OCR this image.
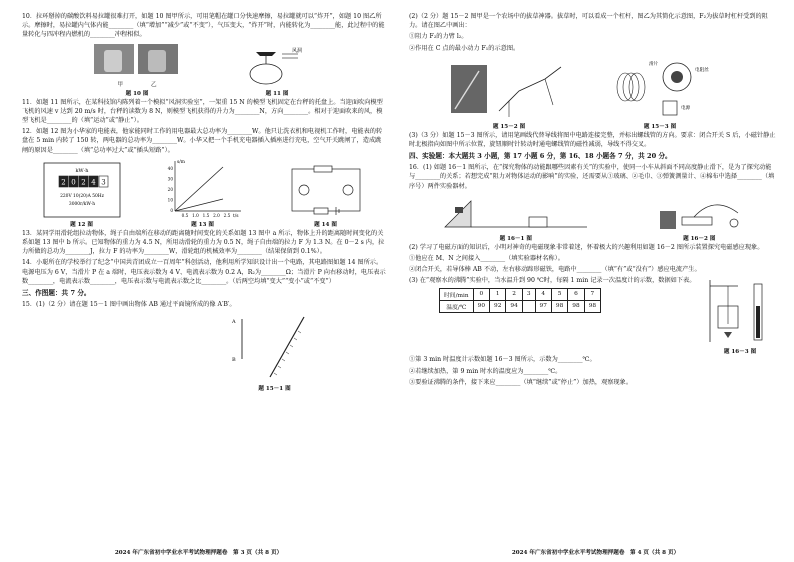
10．拉环掰掉的碳酸饮料易拉罐很难打开，如题 10 图甲所示，可用笔帽在罐口分快速摩擦，易拉罐就可以“炸开”，如题 10 图乙所示。摩擦时，易拉罐内气体内能________（填“增加”“减少”或“不变”），气压变大，“炸开”时，内能转化为________能，此过程中的能量转化与四冲程内燃机的________冲程相似。

甲	乙
题 10 图
风洞
题 11 图

11．如题 11 图所示，在某科技馆内陈列着一个模拟“风洞实验室”，一架重 15 N 的模型飞机固定在台秤的托盘上。当迎面吹向模型飞机的风速 v 达到 20 m/s 时，台秤的读数为 8 N，则模型飞机获得的升力为________N，方向________。相对于迎面吹来的风，模型飞机是________的（填“运动”或“静止”）。

12．如题 12 图为小华家的电能表，他家能同时工作的用电器最大总功率为________W。他只让洗衣机和电视机工作时，电能表的转盘在 5 min 内转了 150 转，两电器的总功率为________W。小华又把一个手机充电器插入插座进行充电，空气开关跳闸了，造成跳闸的原因是________（填“总功率过大”或“插头短路”）。

kW·h
2 0 2 4 3
220V 10(20)A 50Hz
3000r/kW·h
题 12 图
s/m
t/s
40
30
20
10
0
0.5 1.0 1.5 2.0 2.5
题 13 图	题 14 图

13．某同学用滑轮组拉动物体，绳子自由端所在移动的距离随时间变化的关系如题 13 图中 a 所示，物体上升的距离随时间变化的关系如题 13 图中 b 所示。已知物体的重力为 4.5 N，所用动滑轮的重力为 0.5 N，绳子自由端的拉力 F 为 1.3 N。在 0－2 s 内，拉力所做的总功为________J，拉力 F 的功率为________W，滑轮组的机械效率为________（结果保留到 0.1%）。

14．小聪所在的学校举行了纪念“中国共青团成立一百周年”科创活动，他利用所学知识设计出一个电路，其电路图如题 14 图所示。电源电压为 6 V，当滑片 P 在 a 端时，电压表示数为 4 V、电流表示数为 0.2 A，R₂为________Ω；当滑片 P 向右移动时，电压表示数________，电流表示数________，电压表示数与电流表示数之比________。（后两空均填“变大”“变小”或“不变”）

三、作图题：共 7 分。

15．(1)（2 分）请在题 15－1 图中画出物体 AB 通过平面镜所成的像 A′B′。

A
B
题 15－1 图
2024 年广东省初中学业水平考试物理押题卷　第 3 页（共 8 页）

(2)（2 分）题 15－2 图甲是一个农场中的拔草神器。拔草时，可以看成一个杠杆，图乙为其简化示意图，F₂为拔草时杠杆受到的阻力。请在图乙中画出：

①阻力 F₂的力臂 l₂。

②作用在 C 点的最小动力 F₁的示意图。

题 15－2 图
滑片
电阻丝
电源
题 15－3 图

(3)（3 分）如题 15－3 图所示，请用笔画线代替导线将图中电路连接完整，并标出螺线管的方向。要求：闭合开关 S 后，小磁针静止时北极指向如图中所示位置，旋钮顺时针转动时通电螺线管的磁性减弱，导线不得交叉。

四、实验题：本大题共 3 小题，第 17 小题 6 分，第 16、18 小题各 7 分，共 20 分。

16．(1) 如题 16－1 图所示，在“探究物体的动能跟哪些因素有关”的实验中，使同一小车从斜面不同高度静止滑下，是为了探究动能与________的关系；若想完成“阻力对物体运动的影响”的实验，还需要从①玻璃、②毛巾、③弹簧测量计、④棉布中选择________（填序号）两件实验器材。

题 16－1 图	题 16－2 图

(2) 学习了电磁方面的知识后，小明对神奇的电磁现象非常着迷，怀着极大的兴趣利用如题 16－2 图所示装置探究电磁感应现象。

①他应在 M、N 之间接入________（填实验器材名称）。

②闭合开关，若导体棒 AB 不动，左右移动蹄形磁铁，电路中________（填“有”或“没有”）感应电流产生。

(3) 在“观察水的沸腾”实验中，当水温升到 90 ℃时，每隔 1 min 记录一次温度计的示数，数据如下表。

时间/min	0	1	2	3	4	5	6	7
温度/℃	90	92	94		97	98	98	98
题 16－3 图

①第 3 min 时温度计示数如题 16－3 图所示，示数为________℃。

②若继续加热，第 9 min 时水的温度应为________℃。

③要验证沸腾的条件，接下来应________（填“继续”或“停止”）加热，观察现象。

2024 年广东省初中学业水平考试物理押题卷　第 4 页（共 8 页）
